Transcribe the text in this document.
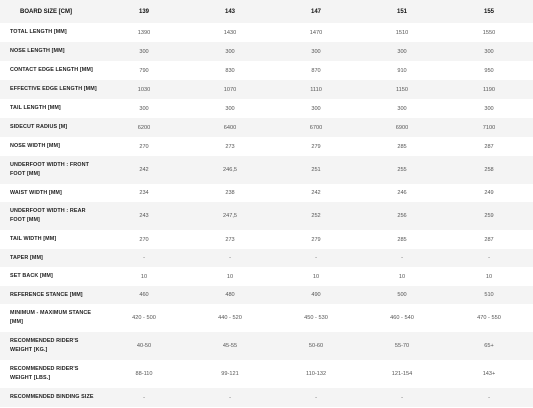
BOARD SIZE [CM]	139	143	147	151	155
TOTAL LENGTH [MM]	1390	1430	1470	1510	1550
NOSE LENGTH [MM]	300	300	300	300	300
CONTACT EDGE LENGTH [MM]	790	830	870	910	950
EFFECTIVE EDGE LENGTH [MM]	1030	1070	1110	1150	1190
TAIL LENGTH [MM]	300	300	300	300	300
SIDECUT RADIUS [M]	6200	6400	6700	6900	7100
NOSE WIDTH [MM]	270	273	279	285	287
UNDERFOOT WIDTH : FRONT FOOT [MM]	242	246,5	251	255	258
WAIST WIDTH [MM]	234	238	242	246	249
UNDERFOOT WIDTH : REAR FOOT [MM]	243	247,5	252	256	259
TAIL WIDTH [MM]	270	273	279	285	287
TAPER [MM]	-	-	-	-	-
SET BACK [MM]	10	10	10	10	10
REFERENCE STANCE [MM]	460	480	490	500	510
MINIMUM - MAXIMUM STANCE [MM]	420 - 500	440 - 520	450 - 530	460 - 540	470 - 550
RECOMMENDED RIDER'S WEIGHT [KG.]	40-50	45-55	50-60	55-70	65+
RECOMMENDED RIDER'S WEIGHT [LBS.]	88-110	99-121	110-132	121-154	143+
RECOMMENDED BINDING SIZE	-	-	-	-	-
